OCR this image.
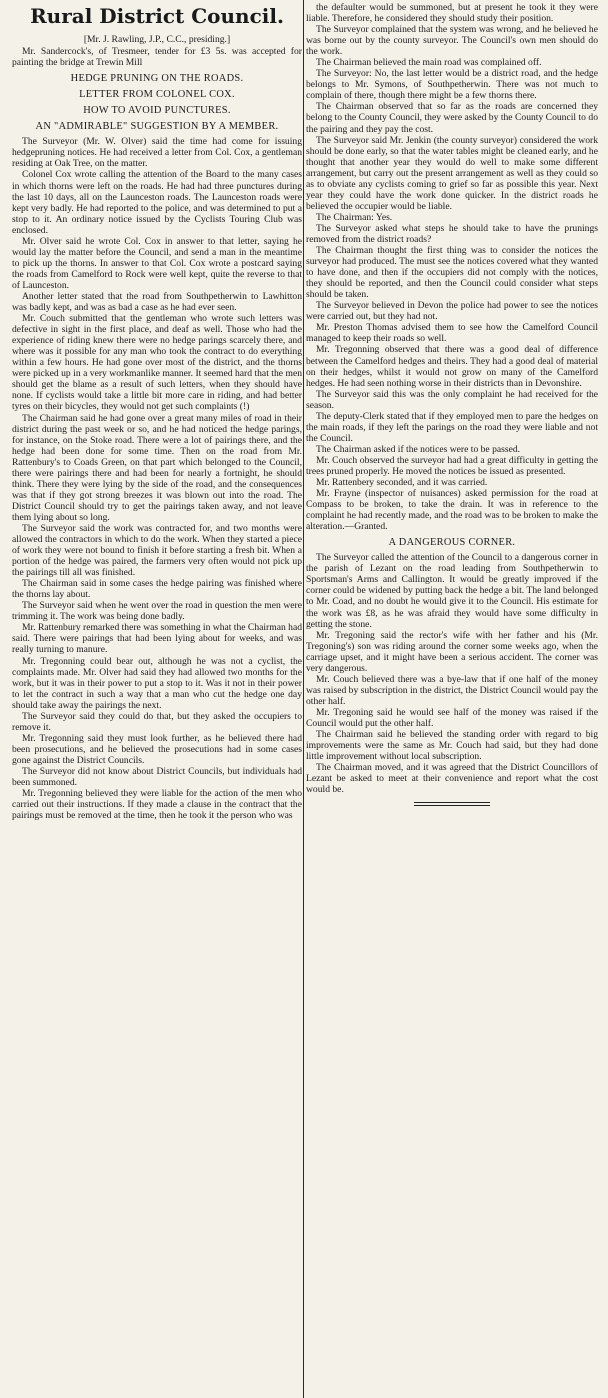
Rural District Council.

[Mr. J. Rawling, J.P., C.C., presiding.]

Mr. Sandercock's, of Tresmeer, tender for £3 5s. was accepted for painting the bridge at Trewin Mill

HEDGE PRUNING ON THE ROADS.

LETTER FROM COLONEL COX.

HOW TO AVOID PUNCTURES.

AN "ADMIRABLE" SUGGESTION BY A MEMBER.

The Surveyor (Mr. W. Olver) said the time had come for issuing hedgepruning notices. He had received a letter from Col. Cox, a gentleman residing at Oak Tree, on the matter.

Colonel Cox wrote calling the attention of the Board to the many cases in which thorns were left on the roads. He had had three punctures during the last 10 days, all on the Launceston roads. The Launceston roads were kept very badly. He had reported to the police, and was determined to put a stop to it. An ordinary notice issued by the Cyclists Touring Club was enclosed.

Mr. Olver said he wrote Col. Cox in answer to that letter, saying he would lay the matter before the Council, and send a man in the meantime to pick up the thorns. In answer to that Col. Cox wrote a postcard saying the roads from Camelford to Rock were well kept, quite the reverse to that of Launceston.

Another letter stated that the road from Southpetherwin to Lawhitton was badly kept, and was as bad a case as he had ever seen.

Mr. Couch submitted that the gentleman who wrote such letters was defective in sight in the first place, and deaf as well. Those who had the experience of riding knew there were no hedge parings scarcely there, and where was it possible for any man who took the contract to do everything within a few hours. He had gone over most of the district, and the thorns were picked up in a very workmanlike manner. It seemed hard that the men should get the blame as a result of such letters, when they should have none. If cyclists would take a little bit more care in riding, and had better tyres on their bicycles, they would not get such complaints (!)

The Chairman said he had gone over a great many miles of road in their district during the past week or so, and he had noticed the hedge parings, for instance, on the Stoke road. There were a lot of pairings there, and the hedge had been done for some time. Then on the road from Mr. Rattenbury's to Coads Green, on that part which belonged to the Council, there were pairings there and had been for nearly a fortnight, he should think. There they were lying by the side of the road, and the consequences was that if they got strong breezes it was blown out into the road. The District Council should try to get the pairings taken away, and not leave them lying about so long.

The Surveyor said the work was contracted for, and two months were allowed the contractors in which to do the work. When they started a piece of work they were not bound to finish it before starting a fresh bit. When a portion of the hedge was paired, the farmers very often would not pick up the pairings till all was finished.

The Chairman said in some cases the hedge pairing was finished where the thorns lay about.

The Surveyor said when he went over the road in question the men were trimming it. The work was being done badly.

Mr. Rattenbury remarked there was something in what the Chairman had said. There were pairings that had been lying about for weeks, and was really turning to manure.

Mr. Tregonning could bear out, although he was not a cyclist, the complaints made. Mr. Olver had said they had allowed two months for the work, but it was in their power to put a stop to it. Was it not in their power to let the contract in such a way that a man who cut the hedge one day should take away the pairings the next.

The Surveyor said they could do that, but they asked the occupiers to remove it.

Mr. Tregonning said they must look further, as he believed there had been prosecutions, and he believed the prosecutions had in some cases gone against the District Councils.

The Surveyor did not know about District Councils, but individuals had been summoned.

Mr. Tregonning believed they were liable for the action of the men who carried out their instructions. If they made a clause in the contract that the pairings must be removed at the time, then he took it the person who was

the defaulter would be summoned, but at present he took it they were liable. Therefore, he considered they should study their position.

The Surveyor complained that the system was wrong, and he believed he was borne out by the county surveyor. The Council's own men should do the work.

The Chairman believed the main road was complained off.

The Surveyor: No, the last letter would be a district road, and the hedge belongs to Mr. Symons, of Southpetherwin. There was not much to complain of there, though there might be a few thorns there.

The Chairman observed that so far as the roads are concerned they belong to the County Council, they were asked by the County Council to do the pairing and they pay the cost.

The Surveyor said Mr. Jenkin (the county surveyor) considered the work should be done early, so that the water tables might be cleaned early, and he thought that another year they would do well to make some different arrangement, but carry out the present arrangement as well as they could so as to obviate any cyclists coming to grief so far as possible this year. Next year they could have the work done quicker. In the district roads he believed the occupier would be liable.

The Chairman: Yes.

The Surveyor asked what steps he should take to have the prunings removed from the district roads?

The Chairman thought the first thing was to consider the notices the surveyor had produced. The must see the notices covered what they wanted to have done, and then if the occupiers did not comply with the notices, they should be reported, and then the Council could consider what steps should be taken.

The Surveyor believed in Devon the police had power to see the notices were carried out, but they had not.

Mr. Preston Thomas advised them to see how the Camelford Council managed to keep their roads so well.

Mr. Tregonning observed that there was a good deal of difference between the Camelford hedges and theirs. They had a good deal of material on their hedges, whilst it would not grow on many of the Camelford hedges. He had seen nothing worse in their districts than in Devonshire.

The Surveyor said this was the only complaint he had received for the season.

The deputy-Clerk stated that if they employed men to pare the hedges on the main roads, if they left the parings on the road they were liable and not the Council.

The Chairman asked if the notices were to be passed.

Mr. Couch observed the surveyor had had a great difficulty in getting the trees pruned properly. He moved the notices be issued as presented.

Mr. Rattenbery seconded, and it was carried.

Mr. Frayne (inspector of nuisances) asked permission for the road at Compass to be broken, to take the drain. It was in reference to the complaint he had recently made, and the road was to be broken to make the alteration.—Granted.

A DANGEROUS CORNER.

The Surveyor called the attention of the Council to a dangerous corner in the parish of Lezant on the road leading from Southpetherwin to Sportsman's Arms and Callington. It would be greatly improved if the corner could be widened by putting back the hedge a bit. The land belonged to Mr. Coad, and no doubt he would give it to the Council. His estimate for the work was £8, as he was afraid they would have some difficulty in getting the stone.

Mr. Tregoning said the rector's wife with her father and his (Mr. Tregoning's) son was riding around the corner some weeks ago, when the carriage upset, and it might have been a serious accident. The corner was very dangerous.

Mr. Couch believed there was a bye-law that if one half of the money was raised by subscription in the district, the District Council would pay the other half.

Mr. Tregoning said he would see half of the money was raised if the Council would put the other half.

The Chairman said he believed the standing order with regard to big improvements were the same as Mr. Couch had said, but they had done little improvement without local subscription.

The Chairman moved, and it was agreed that the District Councillors of Lezant be asked to meet at their convenience and report what the cost would be.
